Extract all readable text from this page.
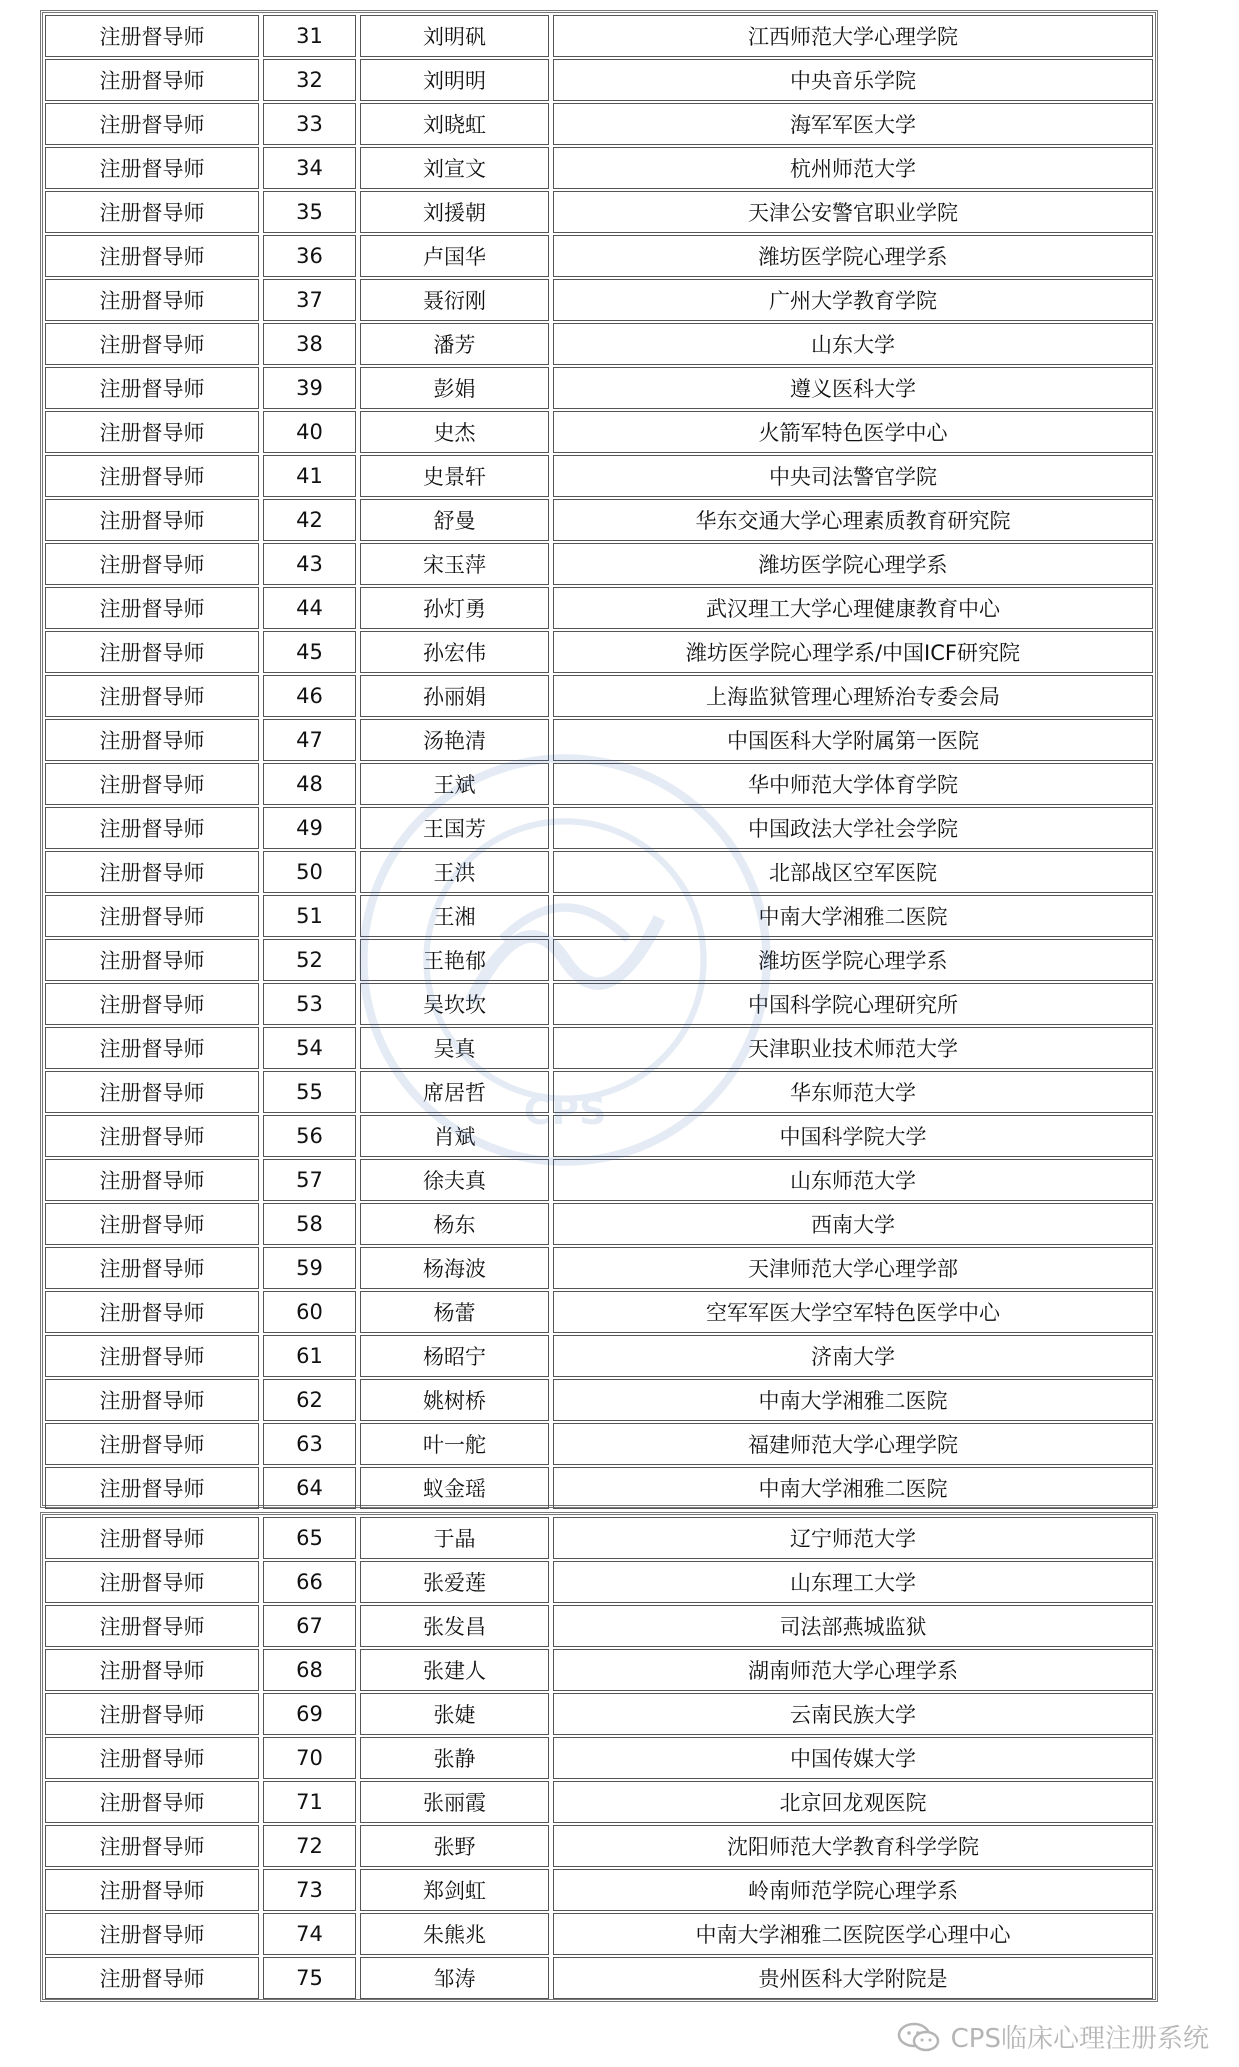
注册督导师	31	刘明矾	江西师范大学心理学院
注册督导师	32	刘明明	中央音乐学院
注册督导师	33	刘晓虹	海军军医大学
注册督导师	34	刘宣文	杭州师范大学
注册督导师	35	刘援朝	天津公安警官职业学院
注册督导师	36	卢国华	潍坊医学院心理学系
注册督导师	37	聂衍刚	广州大学教育学院
注册督导师	38	潘芳	山东大学
注册督导师	39	彭娟	遵义医科大学
注册督导师	40	史杰	火箭军特色医学中心
注册督导师	41	史景轩	中央司法警官学院
注册督导师	42	舒曼	华东交通大学心理素质教育研究院
注册督导师	43	宋玉萍	潍坊医学院心理学系
注册督导师	44	孙灯勇	武汉理工大学心理健康教育中心
注册督导师	45	孙宏伟	潍坊医学院心理学系/中国ICF研究院
注册督导师	46	孙丽娟	上海监狱管理心理矫治专委会局
注册督导师	47	汤艳清	中国医科大学附属第一医院
注册督导师	48	王斌	华中师范大学体育学院
注册督导师	49	王国芳	中国政法大学社会学院
注册督导师	50	王洪	北部战区空军医院
注册督导师	51	王湘	中南大学湘雅二医院
注册督导师	52	王艳郁	潍坊医学院心理学系
注册督导师	53	吴坎坎	中国科学院心理研究所
注册督导师	54	吴真	天津职业技术师范大学
注册督导师	55	席居哲	华东师范大学
注册督导师	56	肖斌	中国科学院大学
注册督导师	57	徐夫真	山东师范大学
注册督导师	58	杨东	西南大学
注册督导师	59	杨海波	天津师范大学心理学部
注册督导师	60	杨蕾	空军军医大学空军特色医学中心
注册督导师	61	杨昭宁	济南大学
注册督导师	62	姚树桥	中南大学湘雅二医院
注册督导师	63	叶一舵	福建师范大学心理学院
注册督导师	64	蚁金瑶	中南大学湘雅二医院
注册督导师	65	于晶	辽宁师范大学
注册督导师	66	张爱莲	山东理工大学
注册督导师	67	张发昌	司法部燕城监狱
注册督导师	68	张建人	湖南师范大学心理学系
注册督导师	69	张婕	云南民族大学
注册督导师	70	张静	中国传媒大学
注册督导师	71	张丽霞	北京回龙观医院
注册督导师	72	张野	沈阳师范大学教育科学学院
注册督导师	73	郑剑虹	岭南师范学院心理学系
注册督导师	74	朱熊兆	中南大学湘雅二医院医学心理中心
注册督导师	75	邹涛	贵州医科大学附院是
CPS临床心理注册系统
